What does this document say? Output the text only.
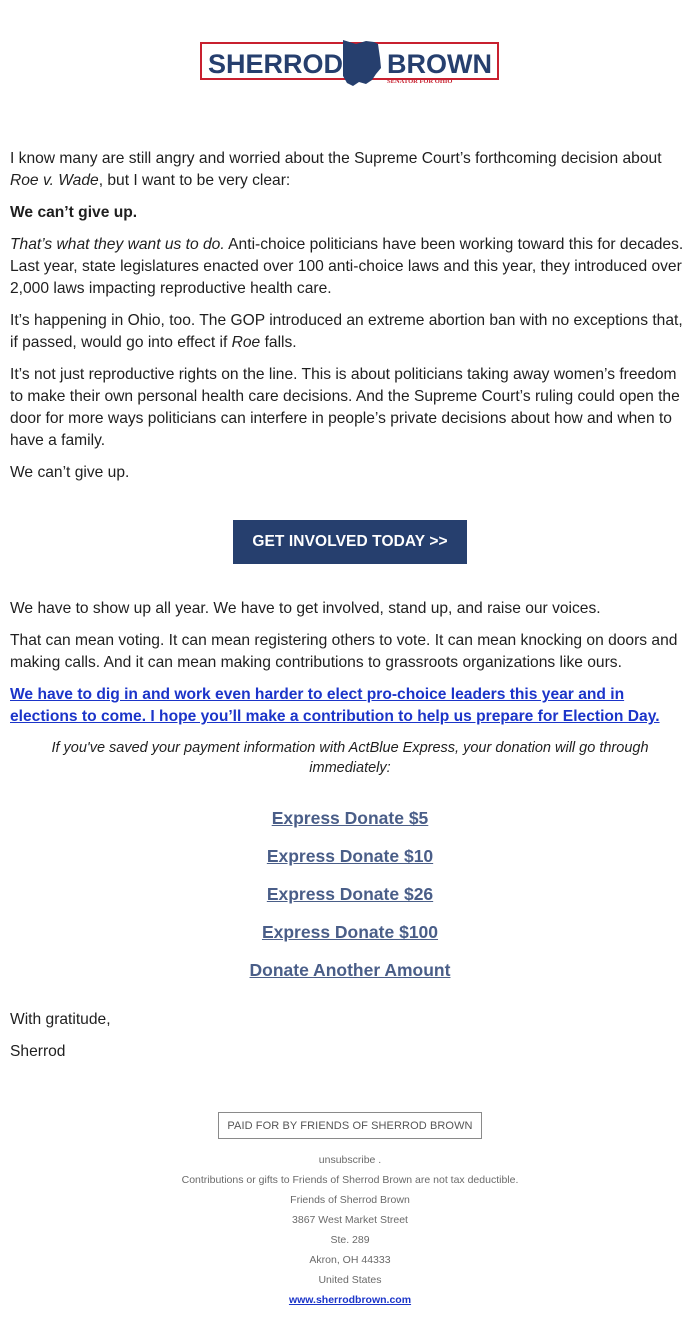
SHERROD BROWN
SENATOR FOR OHIO

I know many are still angry and worried about the Supreme Court’s forthcoming decision about Roe v. Wade, but I want to be very clear:

We can’t give up.

That’s what they want us to do. Anti-choice politicians have been working toward this for decades. Last year, state legislatures enacted over 100 anti-choice laws and this year, they introduced over 2,000 laws impacting reproductive health care.

It’s happening in Ohio, too. The GOP introduced an extreme abortion ban with no exceptions that, if passed, would go into effect if Roe falls.

It’s not just reproductive rights on the line. This is about politicians taking away women’s freedom to make their own personal health care decisions. And the Supreme Court’s ruling could open the door for more ways politicians can interfere in people’s private decisions about how and when to have a family.

We can’t give up.

GET INVOLVED TODAY >>

We have to show up all year. We have to get involved, stand up, and raise our voices.

That can mean voting. It can mean registering others to vote. It can mean knocking on doors and making calls. And it can mean making contributions to grassroots organizations like ours.

We have to dig in and work even harder to elect pro-choice leaders this year and in elections to come. I hope you’ll make a contribution to help us prepare for Election Day.

If you've saved your payment information with ActBlue Express, your donation will go through immediately:
Express Donate $5
Express Donate $10
Express Donate $26
Express Donate $100
Donate Another Amount

With gratitude,

Sherrod

PAID FOR BY FRIENDS OF SHERROD BROWN
unsubscribe .
Contributions or gifts to Friends of Sherrod Brown are not tax deductible.
Friends of Sherrod Brown
3867 West Market Street
Ste. 289
Akron, OH 44333
United States
www.sherrodbrown.com
